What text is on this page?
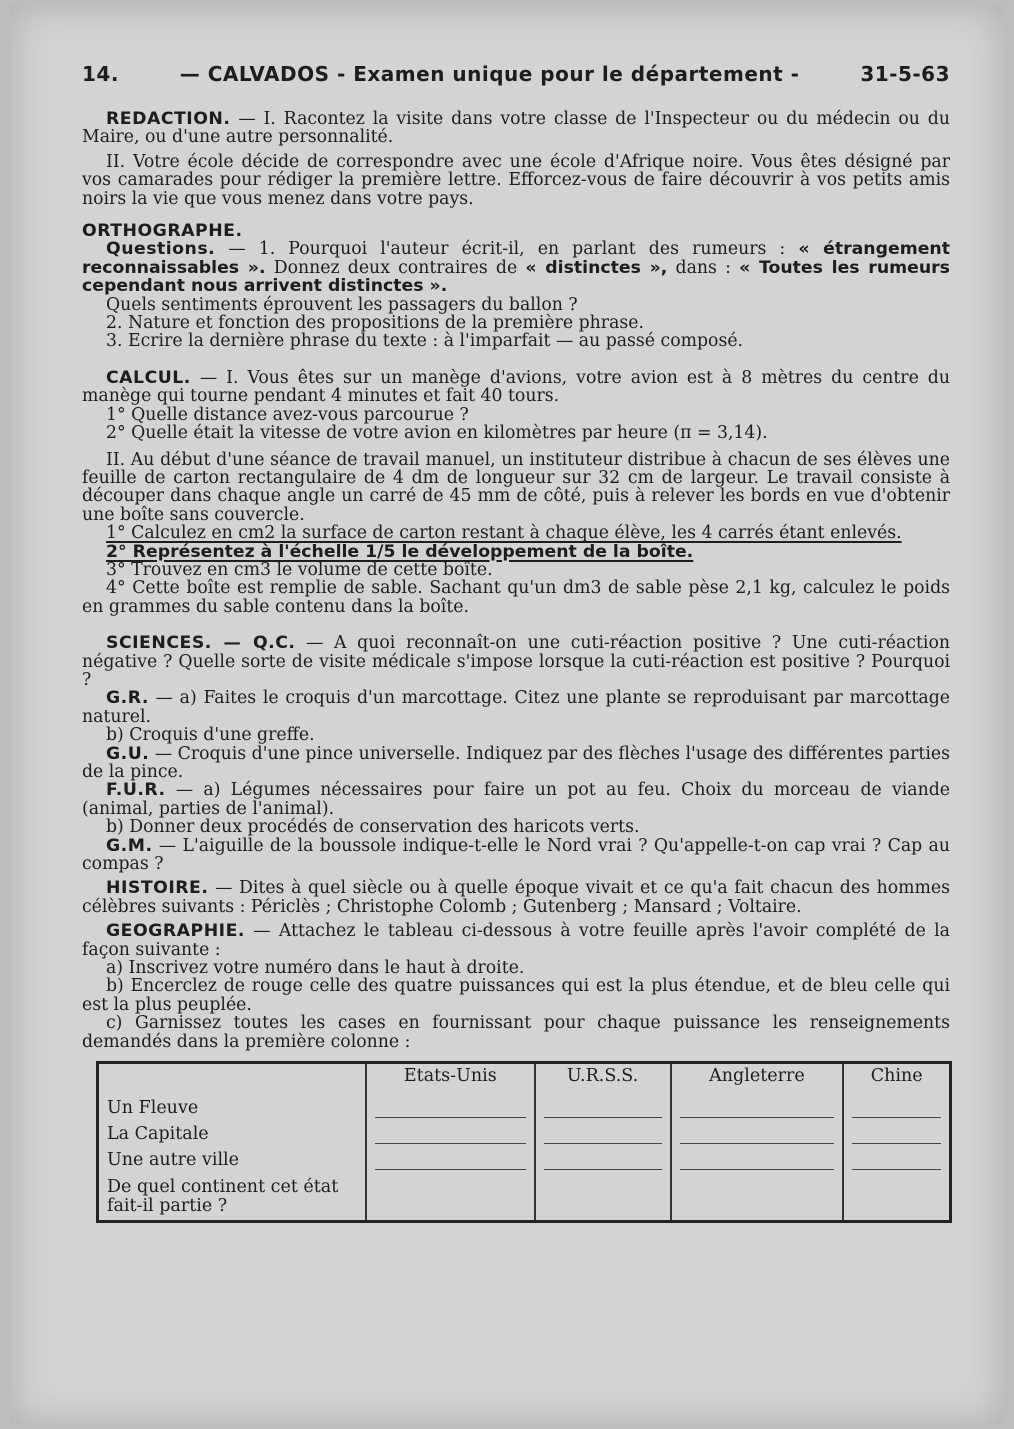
14.	— CALVADOS - Examen unique pour le département -	31-5-63

REDACTION. — I. Racontez la visite dans votre classe de l'Inspecteur ou du médecin ou du Maire, ou d'une autre personnalité.

II. Votre école décide de correspondre avec une école d'Afrique noire. Vous êtes désigné par vos camarades pour rédiger la première lettre. Efforcez-vous de faire découvrir à vos petits amis noirs la vie que vous menez dans votre pays.

ORTHOGRAPHE.

Questions. — 1. Pourquoi l'auteur écrit-il, en parlant des rumeurs : « étrangement reconnaissables ». Donnez deux contraires de « distinctes », dans : « Toutes les rumeurs cependant nous arrivent distinctes ».

Quels sentiments éprouvent les passagers du ballon ?

2. Nature et fonction des propositions de la première phrase.

3. Ecrire la dernière phrase du texte : à l'imparfait — au passé composé.

CALCUL. — I. Vous êtes sur un manège d'avions, votre avion est à 8 mètres du centre du manège qui tourne pendant 4 minutes et fait 40 tours.

1° Quelle distance avez-vous parcourue ?

2° Quelle était la vitesse de votre avion en kilomètres par heure (π = 3,14).

II. Au début d'une séance de travail manuel, un instituteur distribue à chacun de ses élèves une feuille de carton rectangulaire de 4 dm de longueur sur 32 cm de largeur. Le travail consiste à découper dans chaque angle un carré de 45 mm de côté, puis à relever les bords en vue d'obtenir une boîte sans couvercle.

1° Calculez en cm2 la surface de carton restant à chaque élève, les 4 carrés étant enlevés.

2° Représentez à l'échelle 1/5 le développement de la boîte.

3° Trouvez en cm3 le volume de cette boîte.

4° Cette boîte est remplie de sable. Sachant qu'un dm3 de sable pèse 2,1 kg, calculez le poids en grammes du sable contenu dans la boîte.

SCIENCES. — Q.C. — A quoi reconnaît-on une cuti-réaction positive ? Une cuti-réaction négative ? Quelle sorte de visite médicale s'impose lorsque la cuti-réaction est positive ? Pourquoi ?

G.R. — a) Faites le croquis d'un marcottage. Citez une plante se reproduisant par marcottage naturel.

b) Croquis d'une greffe.

G.U. — Croquis d'une pince universelle. Indiquez par des flèches l'usage des différentes parties de la pince.

F.U.R. — a) Légumes nécessaires pour faire un pot au feu. Choix du morceau de viande (animal, parties de l'animal).

b) Donner deux procédés de conservation des haricots verts.

G.M. — L'aiguille de la boussole indique-t-elle le Nord vrai ? Qu'appelle-t-on cap vrai ? Cap au compas ?

HISTOIRE. — Dites à quel siècle ou à quelle époque vivait et ce qu'a fait chacun des hommes célèbres suivants : Périclès ; Christophe Colomb ; Gutenberg ; Mansard ; Voltaire.

GEOGRAPHIE. — Attachez le tableau ci-dessous à votre feuille après l'avoir complété de la façon suivante :

a) Inscrivez votre numéro dans le haut à droite.

b) Encerclez de rouge celle des quatre puissances qui est la plus étendue, et de bleu celle qui est la plus peuplée.

c) Garnissez toutes les cases en fournissant pour chaque puissance les renseignements demandés dans la première colonne :

	Etats-Unis	U.R.S.S.	Angleterre	Chine
Un Fleuve	

La Capitale	

Une autre ville	

De quel continent cet état fait-il partie ?				
